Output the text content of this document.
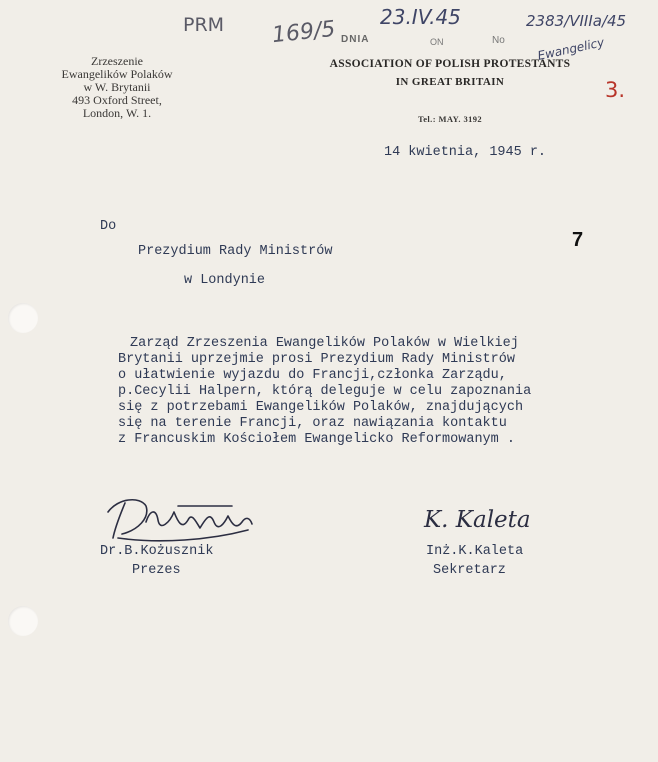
PRM 169/5 DNIA	ON	No
23.IV.45	2383/VIIIa/45
Ewangelicy
3.
Zrzeszenie
Ewangelików Polaków
w W. Brytanii
493 Oxford Street,
London, W. 1.
ASSOCIATION OF POLISH PROTESTANTS
IN GREAT BRITAIN
Tel.: MAY. 3192
14 kwietnia, 1945 r.
Do
Prezydium Rady Ministrów
w Londynie
7
Zarząd Zrzeszenia Ewangelików Polaków w Wielkiej
Brytanii uprzejmie prosi Prezydium Rady Ministrów
o ułatwienie wyjazdu do Francji,członka Zarządu,
p.Cecylii Halpern, którą deleguje w celu zapoznania
się z potrzebami Ewangelików Polaków, znajdujących
się na terenie Francji, oraz nawiązania kontaktu
z Francuskim Kościołem Ewangelicko Reformowanym .
K. Kaleta
Dr.B.Kożusznik
Prezes
Inż.K.Kaleta
Sekretarz
